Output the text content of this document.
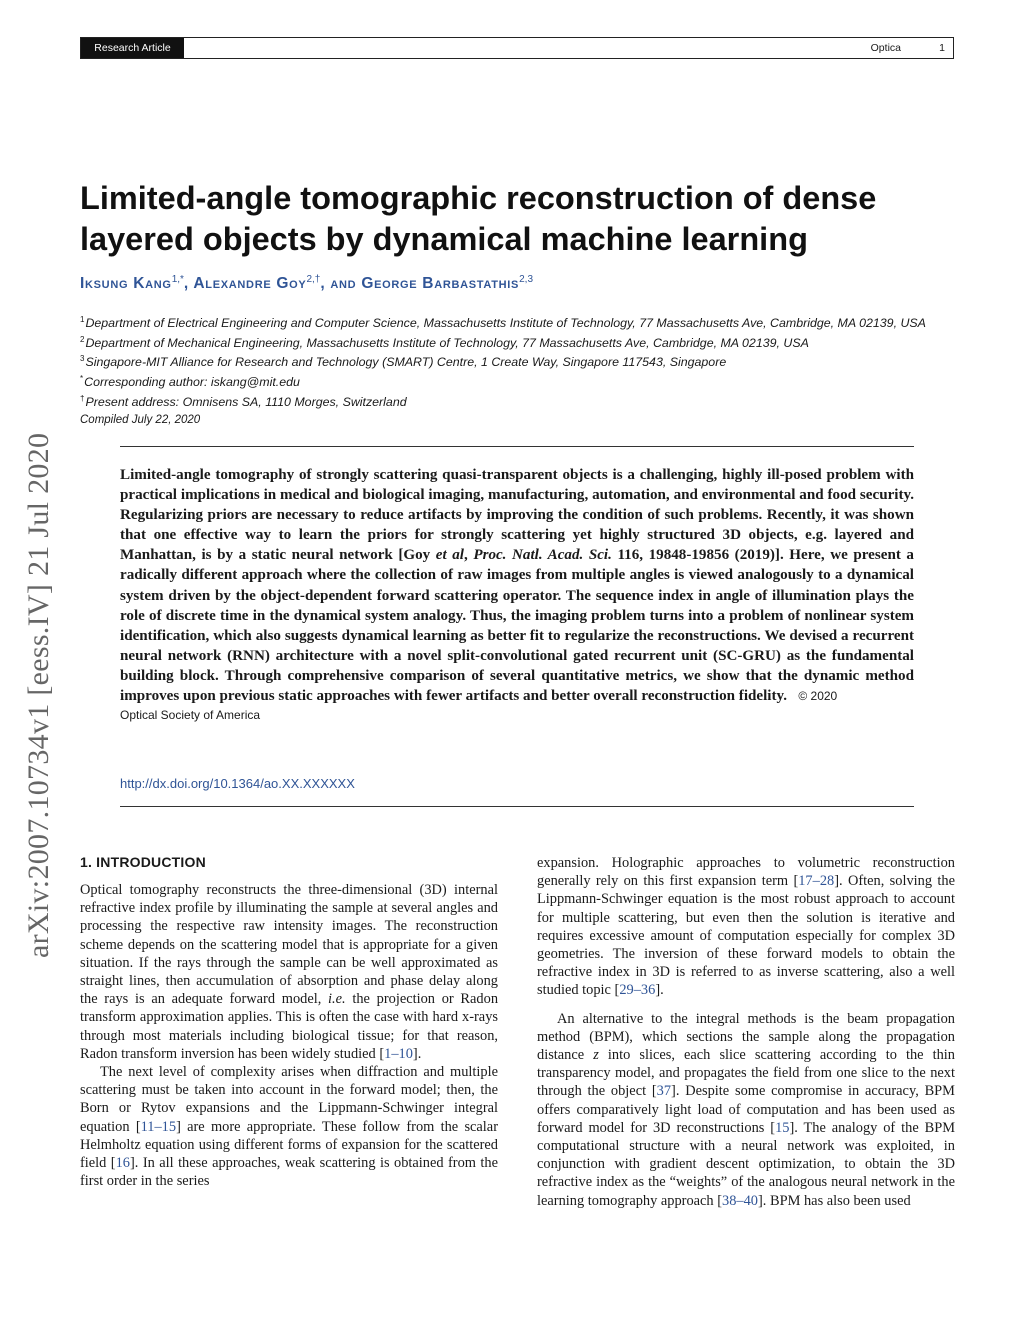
Research Article	Optica	1
arXiv:2007.10734v1 [eess.IV] 21 Jul 2020
Limited-angle tomographic reconstruction of dense layered objects by dynamical machine learning
Iksung Kang$^{1,*}$, Alexandre Goy$^{2,\dagger}$, and George Barbastathis$^{2,3}$
$^1$Department of Electrical Engineering and Computer Science, Massachusetts Institute of Technology, 77 Massachusetts Ave, Cambridge, MA 02139, USA
$^2$Department of Mechanical Engineering, Massachusetts Institute of Technology, 77 Massachusetts Ave, Cambridge, MA 02139, USA
$^3$Singapore-MIT Alliance for Research and Technology (SMART) Centre, 1 Create Way, Singapore 117543, Singapore
*Corresponding author: iskang@mit.edu
†Present address: Omnisens SA, 1110 Morges, Switzerland
Compiled July 22, 2020

Limited-angle tomography of strongly scattering quasi-transparent objects is a challenging, highly ill-posed problem with practical implications in medical and biological imaging, manufacturing, automation, and environmental and food security. Regularizing priors are necessary to reduce artifacts by improving the condition of such problems. Recently, it was shown that one effective way to learn the priors for strongly scattering yet highly structured 3D objects, e.g. layered and Manhattan, is by a static neural network [Goy et al, Proc. Natl. Acad. Sci. 116, 19848-19856 (2019)]. Here, we present a radically different approach where the collection of raw images from multiple angles is viewed analogously to a dynamical system driven by the object-dependent forward scattering operator. The sequence index in angle of illumination plays the role of discrete time in the dynamical system analogy. Thus, the imaging problem turns into a problem of nonlinear system identification, which also suggests dynamical learning as better fit to regularize the reconstructions. We devised a recurrent neural network (RNN) architecture with a novel split-convolutional gated recurrent unit (SC-GRU) as the fundamental building block. Through comprehensive comparison of several quantitative metrics, we show that the dynamic method improves upon previous static approaches with fewer artifacts and better overall reconstruction fidelity. © 2020
Optical Society of America

http://dx.doi.org/10.1364/ao.XX.XXXXXX
1. INTRODUCTION

Optical tomography reconstructs the three-dimensional (3D) internal refractive index profile by illuminating the sample at several angles and processing the respective raw intensity images. The reconstruction scheme depends on the scattering model that is appropriate for a given situation. If the rays through the sample can be well approximated as straight lines, then accumulation of absorption and phase delay along the rays is an adequate forward model, i.e. the projection or Radon transform approximation applies. This is often the case with hard x-rays through most materials including biological tissue; for that reason, Radon transform inversion has been widely studied [1–10].

The next level of complexity arises when diffraction and multiple scattering must be taken into account in the forward model; then, the Born or Rytov expansions and the Lippmann-Schwinger integral equation [11–15] are more appropriate. These follow from the scalar Helmholtz equation using different forms of expansion for the scattered field [16]. In all these approaches, weak scattering is obtained from the first order in the series

expansion. Holographic approaches to volumetric reconstruction generally rely on this first expansion term [17–28]. Often, solving the Lippmann-Schwinger equation is the most robust approach to account for multiple scattering, but even then the solution is iterative and requires excessive amount of computation especially for complex 3D geometries. The inversion of these forward models to obtain the refractive index in 3D is referred to as inverse scattering, also a well studied topic [29–36].

An alternative to the integral methods is the beam propagation method (BPM), which sections the sample along the propagation distance z into slices, each slice scattering according to the thin transparency model, and propagates the field from one slice to the next through the object [37]. Despite some compromise in accuracy, BPM offers comparatively light load of computation and has been used as forward model for 3D reconstructions [15]. The analogy of the BPM computational structure with a neural network was exploited, in conjunction with gradient descent optimization, to obtain the 3D refractive index as the “weights” of the analogous neural network in the learning tomography approach [38–40]. BPM has also been used
